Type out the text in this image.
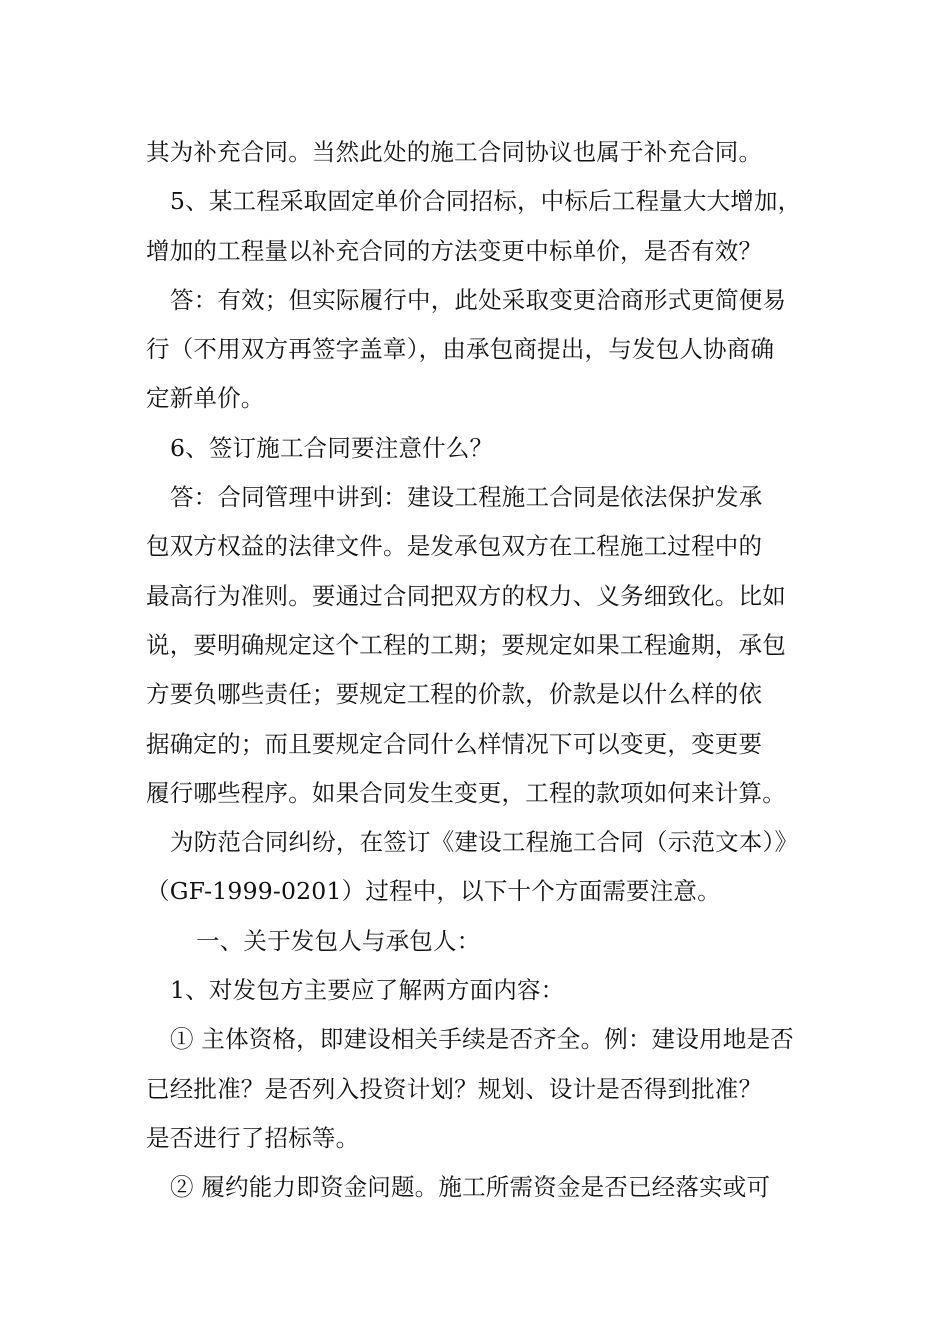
其为补充合同。当然此处的施工合同协议也属于补充合同。
5、某工程采取固定单价合同招标，中标后工程量大大增加，
增加的工程量以补充合同的方法变更中标单价，是否有效？
答：有效；但实际履行中，此处采取变更洽商形式更简便易
行（不用双方再签字盖章），由承包商提出，与发包人协商确
定新单价。
6、签订施工合同要注意什么？
答：合同管理中讲到：建设工程施工合同是依法保护发承
包双方权益的法律文件。是发承包双方在工程施工过程中的
最高行为准则。要通过合同把双方的权力、义务细致化。比如
说，要明确规定这个工程的工期；要规定如果工程逾期，承包
方要负哪些责任；要规定工程的价款，价款是以什么样的依
据确定的；而且要规定合同什么样情况下可以变更，变更要
履行哪些程序。如果合同发生变更，工程的款项如何来计算。
为防范合同纠纷，在签订《建设工程施工合同（示范文本）》
（GF-1999-0201）过程中，以下十个方面需要注意。
一、关于发包人与承包人：
1、对发包方主要应了解两方面内容：
① 主体资格，即建设相关手续是否齐全。例：建设用地是否
已经批准？是否列入投资计划？规划、设计是否得到批准？
是否进行了招标等。
② 履约能力即资金问题。施工所需资金是否已经落实或可
